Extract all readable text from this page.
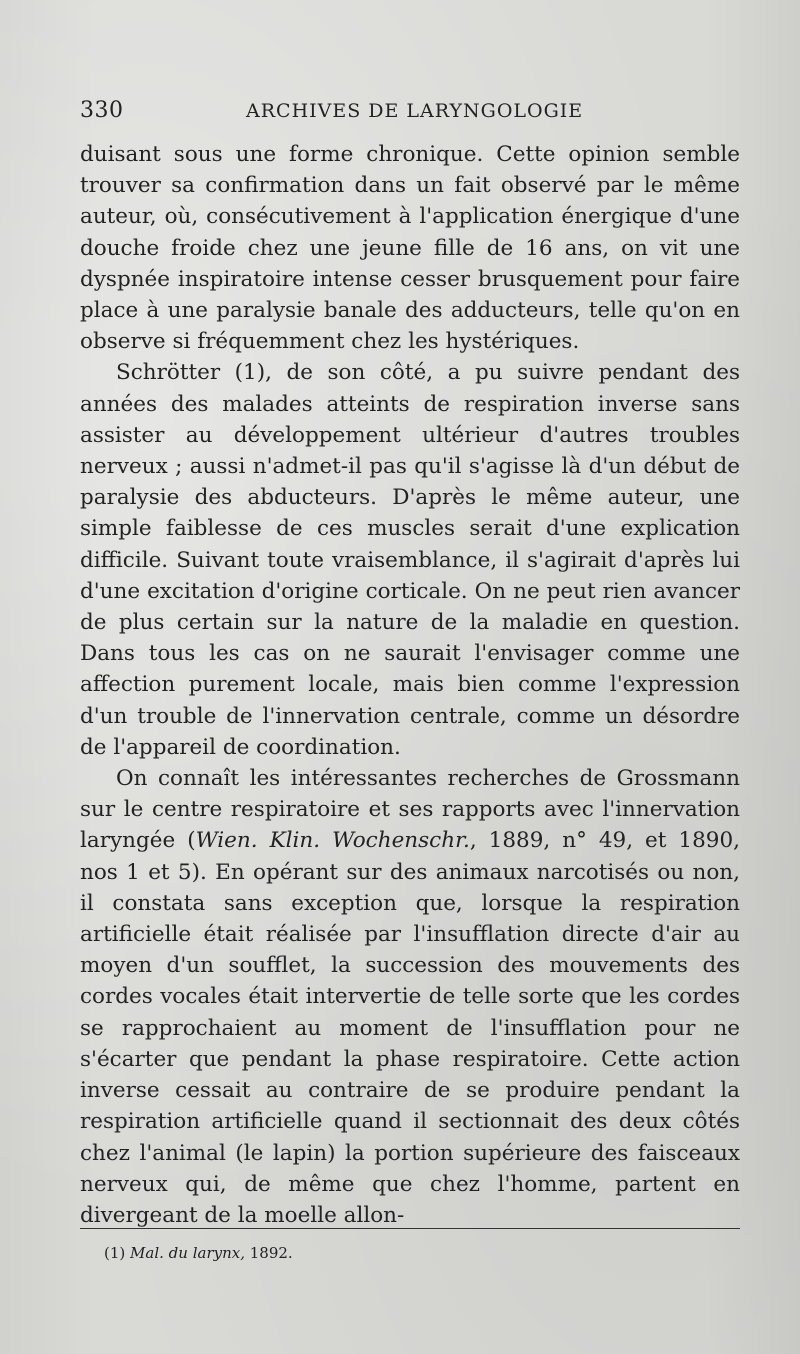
330	ARCHIVES DE LARYNGOLOGIE

duisant sous une forme chronique. Cette opinion semble trouver sa confirmation dans un fait observé par le même auteur, où, consécutivement à l'application énergique d'une douche froide chez une jeune fille de 16 ans, on vit une dyspnée inspiratoire intense cesser brusquement pour faire place à une paralysie banale des adducteurs, telle qu'on en observe si fréquemment chez les hystériques.

Schrötter (1), de son côté, a pu suivre pendant des années des malades atteints de respiration inverse sans assister au développement ultérieur d'autres troubles nerveux ; aussi n'admet-il pas qu'il s'agisse là d'un début de paralysie des abducteurs. D'après le même auteur, une simple faiblesse de ces muscles serait d'une explication difficile. Suivant toute vraisemblance, il s'agirait d'après lui d'une excitation d'origine corticale. On ne peut rien avancer de plus certain sur la nature de la maladie en question. Dans tous les cas on ne saurait l'envisager comme une affection purement locale, mais bien comme l'expression d'un trouble de l'innervation centrale, comme un désordre de l'appareil de coordination.

On connaît les intéressantes recherches de Grossmann sur le centre respiratoire et ses rapports avec l'innervation laryngée (Wien. Klin. Wochenschr., 1889, n° 49, et 1890, nos 1 et 5). En opérant sur des animaux narcotisés ou non, il constata sans exception que, lorsque la respiration artificielle était réalisée par l'insufflation directe d'air au moyen d'un soufflet, la succession des mouvements des cordes vocales était intervertie de telle sorte que les cordes se rapprochaient au moment de l'insufflation pour ne s'écarter que pendant la phase respiratoire. Cette action inverse cessait au contraire de se produire pendant la respiration artificielle quand il sectionnait des deux côtés chez l'animal (le lapin) la portion supérieure des faisceaux nerveux qui, de même que chez l'homme, partent en divergeant de la moelle allon-

(1) Mal. du larynx, 1892.
